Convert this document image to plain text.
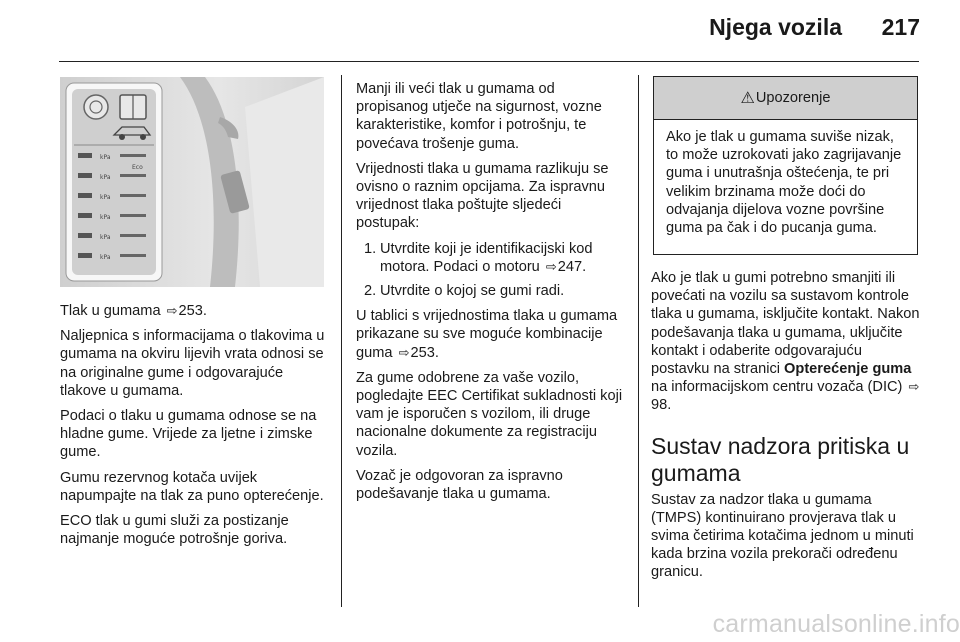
Njega vozila 217
kPa
kPa
kPa
kPa
kPa
kPa
Eco

Tlak u gumama ⇨253.

Naljepnica s informacijama o tlakovima u gumama na okviru lijevih vrata odnosi se na originalne gume i odgovarajuće tlakove u gumama.

Podaci o tlaku u gumama odnose se na hladne gume. Vrijede za ljetne i zimske gume.

Gumu rezervnog kotača uvijek napumpajte na tlak za puno opterećenje.

ECO tlak u gumi služi za postizanje najmanje moguće potrošnje goriva.

Manji ili veći tlak u gumama od propisanog utječe na sigurnost, vozne karakteristike, komfor i potrošnju, te povećava trošenje guma.

Vrijednosti tlaka u gumama razlikuju se ovisno o raznim opcijama. Za ispravnu vrijednost tlaka poštujte sljedeći postupak:

1. Utvrdite koji je identifikacijski kod motora. Podaci o motoru ⇨247.
2. Utvrdite o kojoj se gumi radi.

U tablici s vrijednostima tlaka u gumama prikazane su sve moguće kombinacije guma ⇨253.

Za gume odobrene za vaše vozilo, pogledajte EEC Certifikat sukladnosti koji vam je isporučen s vozilom, ili druge nacionalne dokumente za registraciju vozila.

Vozač je odgovoran za ispravno podešavanje tlaka u gumama.

⚠ Upozorenje
Ako je tlak u gumama suviše nizak, to može uzrokovati jako zagrijavanje guma i unutrašnja oštećenja, te pri velikim brzinama može doći do odvajanja dijelova vozne površine guma pa čak i do pucanja guma.

Ako je tlak u gumi potrebno smanjiti ili povećati na vozilu sa sustavom kontrole tlaka u gumama, isključite kontakt. Nakon podešavanja tlaka u gumama, uključite kontakt i odaberite odgovarajuću postavku na stranici Opterećenje guma na informacijskom centru vozača (DIC) ⇨98.

Sustav nadzora pritiska u gumama

Sustav za nadzor tlaka u gumama (TMPS) kontinuirano provjerava tlak u svima četirima kotačima jednom u minuti kada brzina vozila prekorači određenu granicu.

carmanualsonline.info
